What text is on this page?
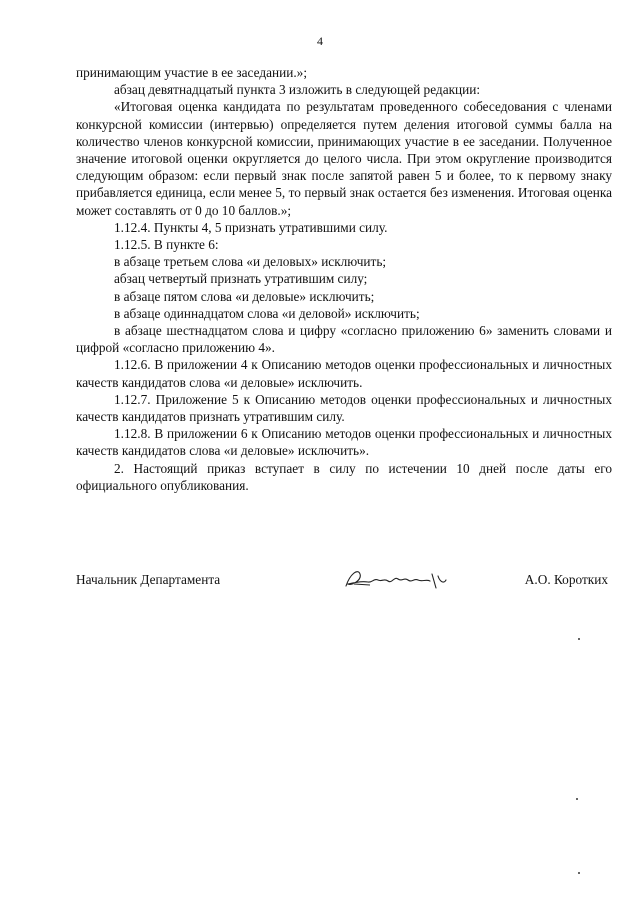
4

принимающим участие в ее заседании.»;

абзац девятнадцатый пункта 3 изложить в следующей редакции:

«Итоговая оценка кандидата по результатам проведенного собеседования с членами конкурсной комиссии (интервью) определяется путем деления итоговой суммы балла на количество членов конкурсной комиссии, принимающих участие в ее заседании. Полученное значение итоговой оценки округляется до целого числа. При этом округление производится следующим образом: если первый знак после запятой равен 5 и более, то к первому знаку прибавляется единица, если менее 5, то первый знак остается без изменения. Итоговая оценка может составлять от 0 до 10 баллов.»;

1.12.4. Пункты 4, 5 признать утратившими силу.

1.12.5. В пункте 6:

в абзаце третьем слова «и деловых» исключить;

абзац четвертый признать утратившим силу;

в абзаце пятом слова «и деловые» исключить;

в абзаце одиннадцатом слова «и деловой» исключить;

в абзаце шестнадцатом слова и цифру «согласно приложению 6» заменить словами и цифрой «согласно приложению 4».

1.12.6. В приложении 4 к Описанию методов оценки профессиональных и личностных качеств кандидатов слова «и деловые» исключить.

1.12.7. Приложение 5 к Описанию методов оценки профессиональных и личностных качеств кандидатов признать утратившим силу.

1.12.8. В приложении 6 к Описанию методов оценки профессиональных и личностных качеств кандидатов слова «и деловые» исключить».

2. Настоящий приказ вступает в силу по истечении 10 дней после даты его официального опубликования.

Начальник Департамента	А.О. Коротких
